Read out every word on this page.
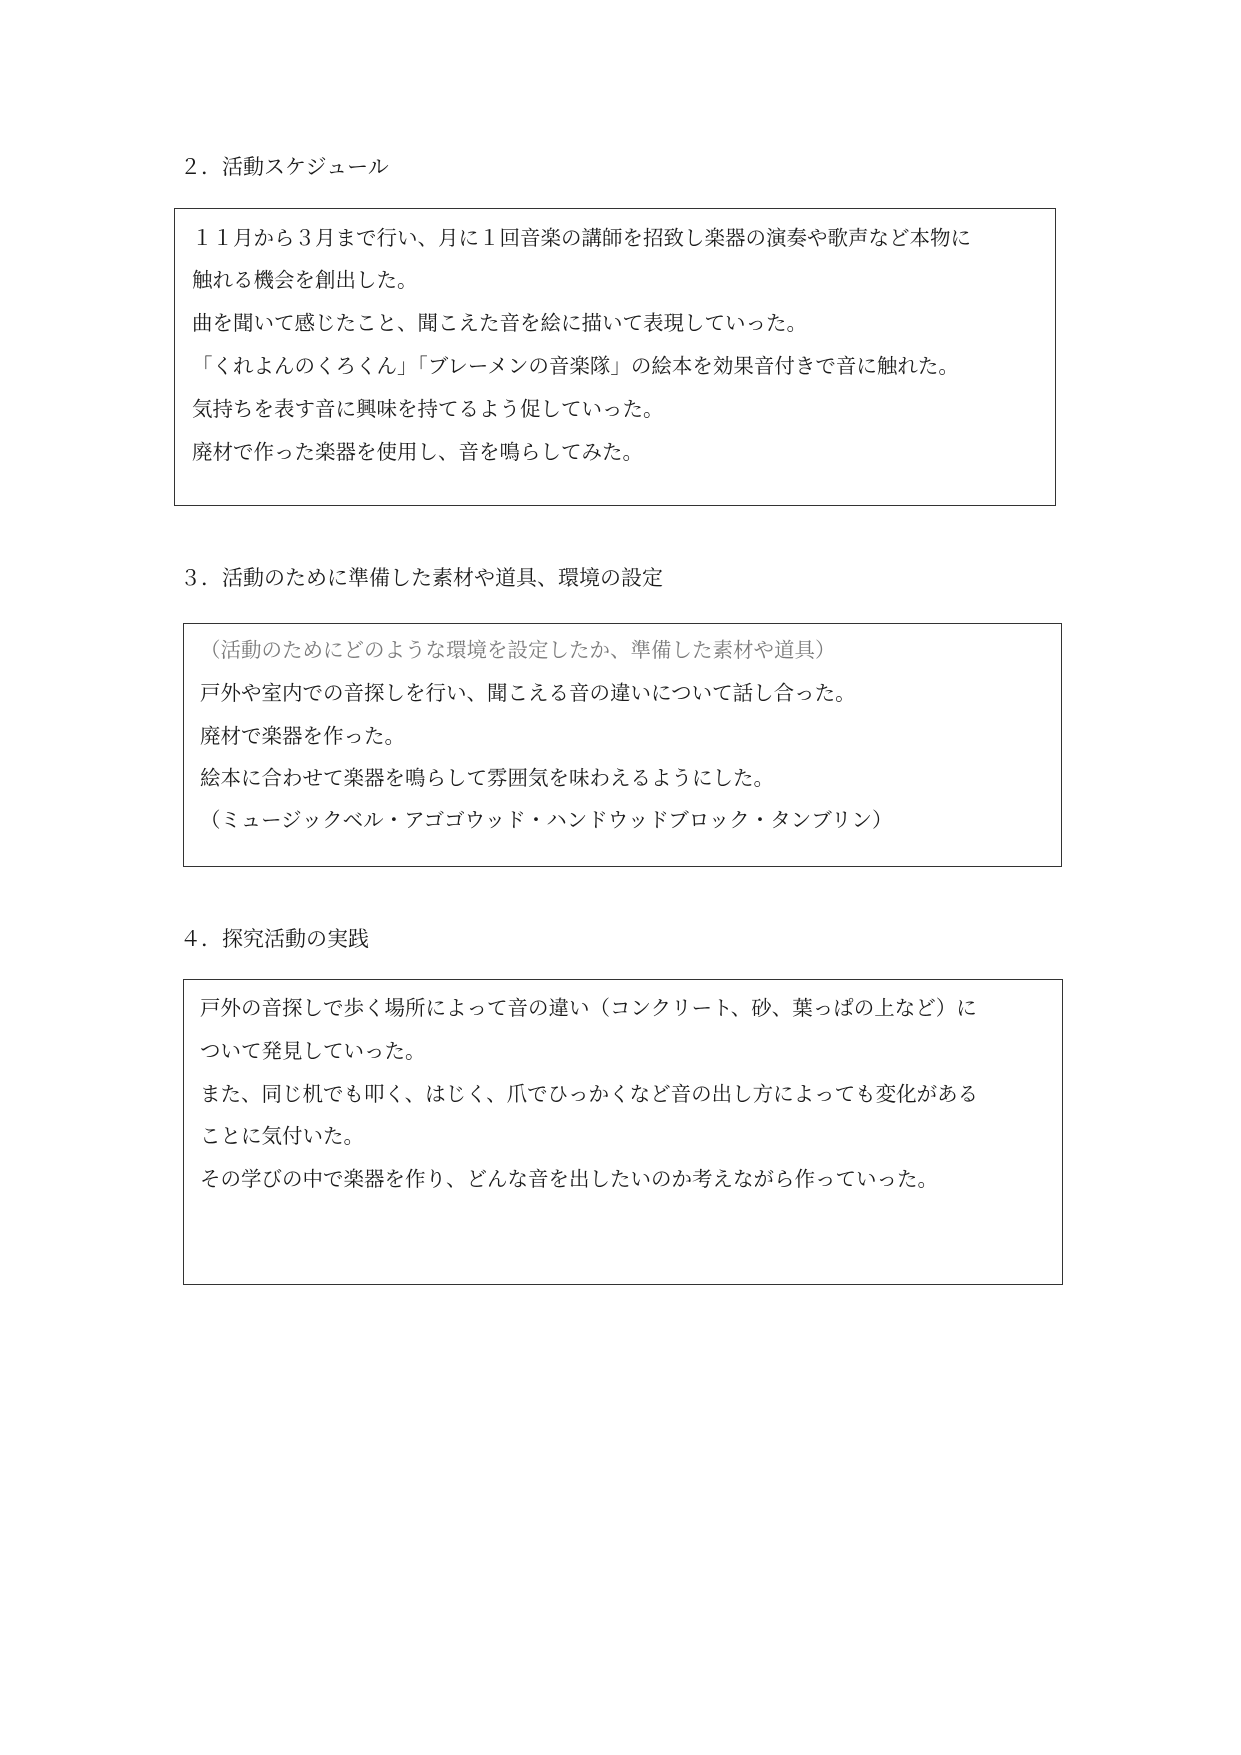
２．活動スケジュール
１１月から３月まで行い、月に１回音楽の講師を招致し楽器の演奏や歌声など本物に
触れる機会を創出した。
曲を聞いて感じたこと、聞こえた音を絵に描いて表現していった。
「くれよんのくろくん」「ブレーメンの音楽隊」の絵本を効果音付きで音に触れた。
気持ちを表す音に興味を持てるよう促していった。
廃材で作った楽器を使用し、音を鳴らしてみた。
３．活動のために準備した素材や道具、環境の設定
（活動のためにどのような環境を設定したか、準備した素材や道具）
戸外や室内での音探しを行い、聞こえる音の違いについて話し合った。
廃材で楽器を作った。
絵本に合わせて楽器を鳴らして雰囲気を味わえるようにした。
（ミュージックベル・アゴゴウッド・ハンドウッドブロック・タンブリン）
４．探究活動の実践
戸外の音探しで歩く場所によって音の違い（コンクリート、砂、葉っぱの上など）に
ついて発見していった。
また、同じ机でも叩く、はじく、爪でひっかくなど音の出し方によっても変化がある
ことに気付いた。
その学びの中で楽器を作り、どんな音を出したいのか考えながら作っていった。
